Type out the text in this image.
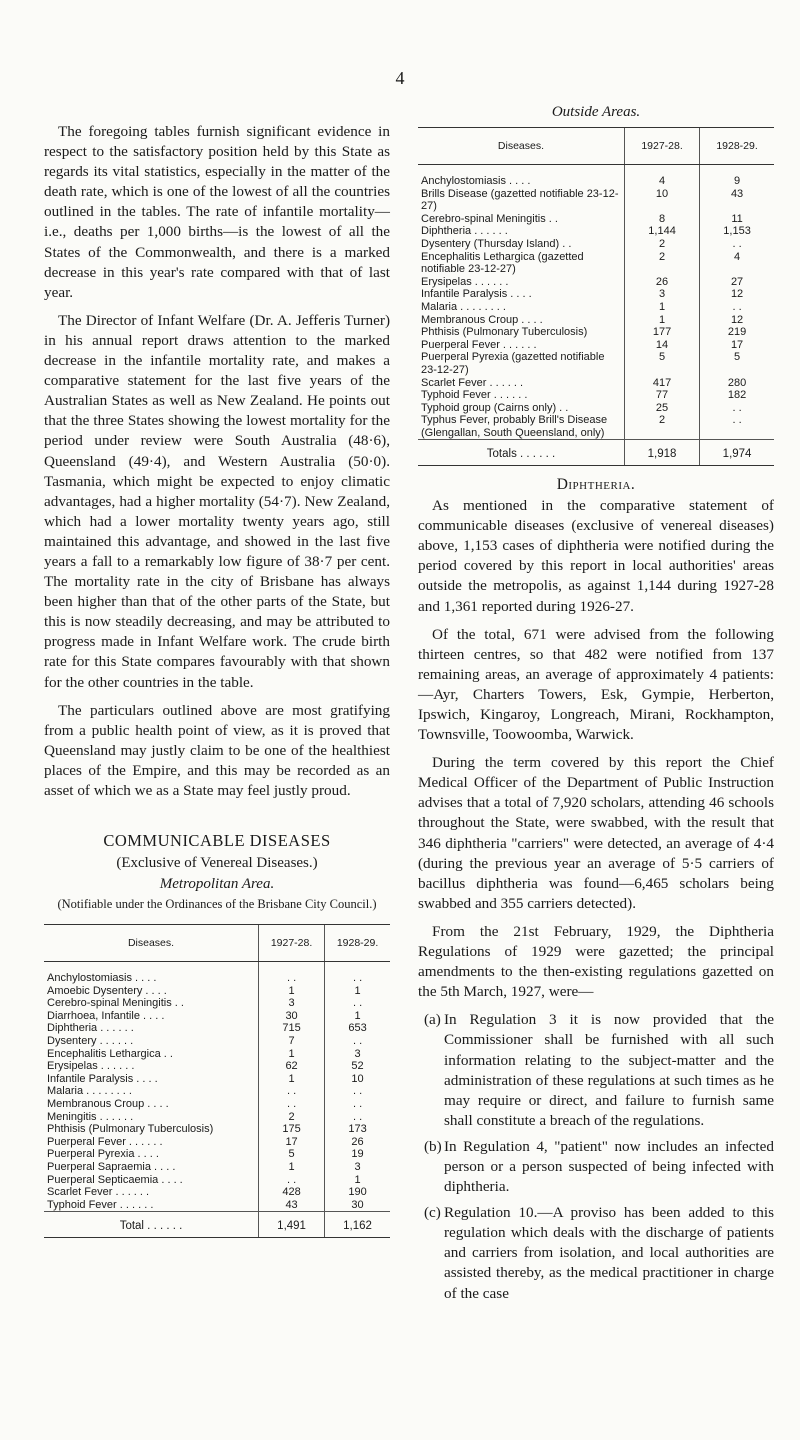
4

The foregoing tables furnish significant evidence in respect to the satisfactory position held by this State as regards its vital statistics, especially in the matter of the death rate, which is one of the lowest of all the countries outlined in the tables. The rate of infantile mortality—i.e., deaths per 1,000 births—is the lowest of all the States of the Commonwealth, and there is a marked decrease in this year's rate compared with that of last year.

The Director of Infant Welfare (Dr. A. Jefferis Turner) in his annual report draws attention to the marked decrease in the infantile mortality rate, and makes a comparative statement for the last five years of the Australian States as well as New Zealand. He points out that the three States showing the lowest mortality for the period under review were South Australia (48·6), Queensland (49·4), and Western Australia (50·0). Tasmania, which might be expected to enjoy climatic advantages, had a higher mortality (54·7). New Zealand, which had a lower mortality twenty years ago, still maintained this advantage, and showed in the last five years a fall to a remarkably low figure of 38·7 per cent. The mortality rate in the city of Brisbane has always been higher than that of the other parts of the State, but this is now steadily decreasing, and may be attributed to progress made in Infant Welfare work. The crude birth rate for this State compares favourably with that shown for the other countries in the table.

The particulars outlined above are most gratifying from a public health point of view, as it is proved that Queensland may justly claim to be one of the healthiest places of the Empire, and this may be recorded as an asset of which we as a State may feel justly proud.

COMMUNICABLE DISEASES
(Exclusive of Venereal Diseases.)
Metropolitan Area.
(Notifiable under the Ordinances of the Brisbane City Council.)
Diseases.	1927-28.	1928-29.
Anchylostomiasis . . . .	. .	. .
Amoebic Dysentery . . . .	1	1
Cerebro-spinal Meningitis . .	3	. .
Diarrhoea, Infantile . . . .	30	1
Diphtheria . . . . . .	715	653
Dysentery . . . . . .	7	. .
Encephalitis Lethargica . .	1	3
Erysipelas . . . . . .	62	52
Infantile Paralysis . . . .	1	10
Malaria . . . . . . . .	. .	. .
Membranous Croup . . . .	. .	. .
Meningitis . . . . . .	2	. .
Phthisis (Pulmonary Tuberculosis)	175	173
Puerperal Fever . . . . . .	17	26
Puerperal Pyrexia . . . .	5	19
Puerperal Sapraemia . . . .	1	3
Puerperal Septicaemia . . . .	. .	1
Scarlet Fever . . . . . .	428	190
Typhoid Fever . . . . . .	43	30
Total . . . . . .	1,491	1,162
Outside Areas.
Diseases.	1927-28.	1928-29.
Anchylostomiasis . . . .	4	9
Brills Disease (gazetted notifiable 23-12-27)	10	43
Cerebro-spinal Meningitis . .	8	11
Diphtheria . . . . . .	1,144	1,153
Dysentery (Thursday Island) . .	2	. .
Encephalitis Lethargica (gazetted notifiable 23-12-27)	2	4
Erysipelas . . . . . .	26	27
Infantile Paralysis . . . .	3	12
Malaria . . . . . . . .	1	. .
Membranous Croup . . . .	1	12
Phthisis (Pulmonary Tuberculosis)	177	219
Puerperal Fever . . . . . .	14	17
Puerperal Pyrexia (gazetted notifiable 23-12-27)	5	5
Scarlet Fever . . . . . .	417	280
Typhoid Fever . . . . . .	77	182
Typhoid group (Cairns only) . .	25	. .
Typhus Fever, probably Brill's Disease (Glengallan, South Queensland, only)	2	. .
Totals . . . . . .	1,918	1,974
Diphtheria.

As mentioned in the comparative statement of communicable diseases (exclusive of venereal diseases) above, 1,153 cases of diphtheria were notified during the period covered by this report in local authorities' areas outside the metropolis, as against 1,144 during 1927-28 and 1,361 reported during 1926-27.

Of the total, 671 were advised from the following thirteen centres, so that 482 were notified from 137 remaining areas, an average of approximately 4 patients:—Ayr, Charters Towers, Esk, Gympie, Herberton, Ipswich, Kingaroy, Longreach, Mirani, Rockhampton, Townsville, Toowoomba, Warwick.

During the term covered by this report the Chief Medical Officer of the Department of Public Instruction advises that a total of 7,920 scholars, attending 46 schools throughout the State, were swabbed, with the result that 346 diphtheria "carriers" were detected, an average of 4·4 (during the previous year an average of 5·5 carriers of bacillus diphtheria was found—6,465 scholars being swabbed and 355 carriers detected).

From the 21st February, 1929, the Diphtheria Regulations of 1929 were gazetted; the principal amendments to the then-existing regulations gazetted on the 5th March, 1927, were—

(a) In Regulation 3 it is now provided that the Commissioner shall be furnished with all such information relating to the subject-matter and the administration of these regulations at such times as he may require or direct, and failure to furnish same shall constitute a breach of the regulations.
(b) In Regulation 4, "patient" now includes an infected person or a person suspected of being infected with diphtheria.
(c) Regulation 10.—A proviso has been added to this regulation which deals with the discharge of patients and carriers from isolation, and local authorities are assisted thereby, as the medical practitioner in charge of the case
